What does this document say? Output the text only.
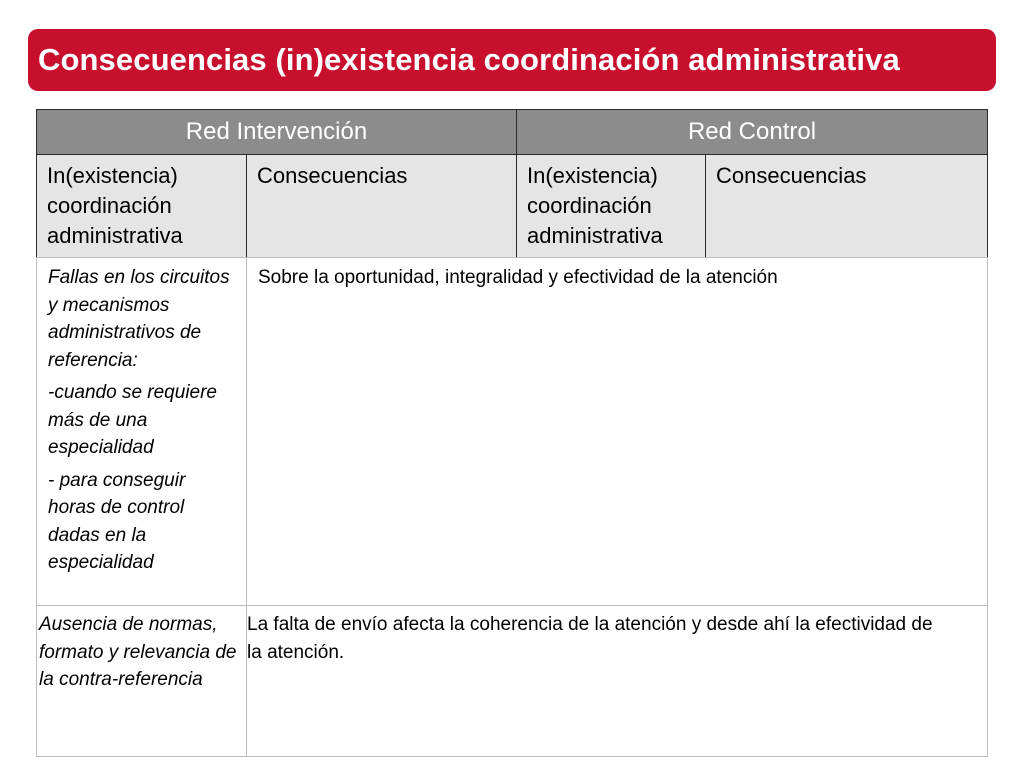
Consecuencias (in)existencia coordinación administrativa
Red Intervención	Red Control
In(existencia) coordinación administrativa
Consecuencias	In(existencia) coordinación administrativa
Consecuencias
Fallas en los circuitos y mecanismos administrativos de referencia:
-cuando se requiere más de una especialidad
- para conseguir horas de control dadas en la especialidad
Sobre la oportunidad, integralidad y efectividad de la atención
Ausencia de normas, formato y relevancia de la contra-referencia
La falta de envío afecta la coherencia de la atención y desde ahí la efectividad de la atención.
